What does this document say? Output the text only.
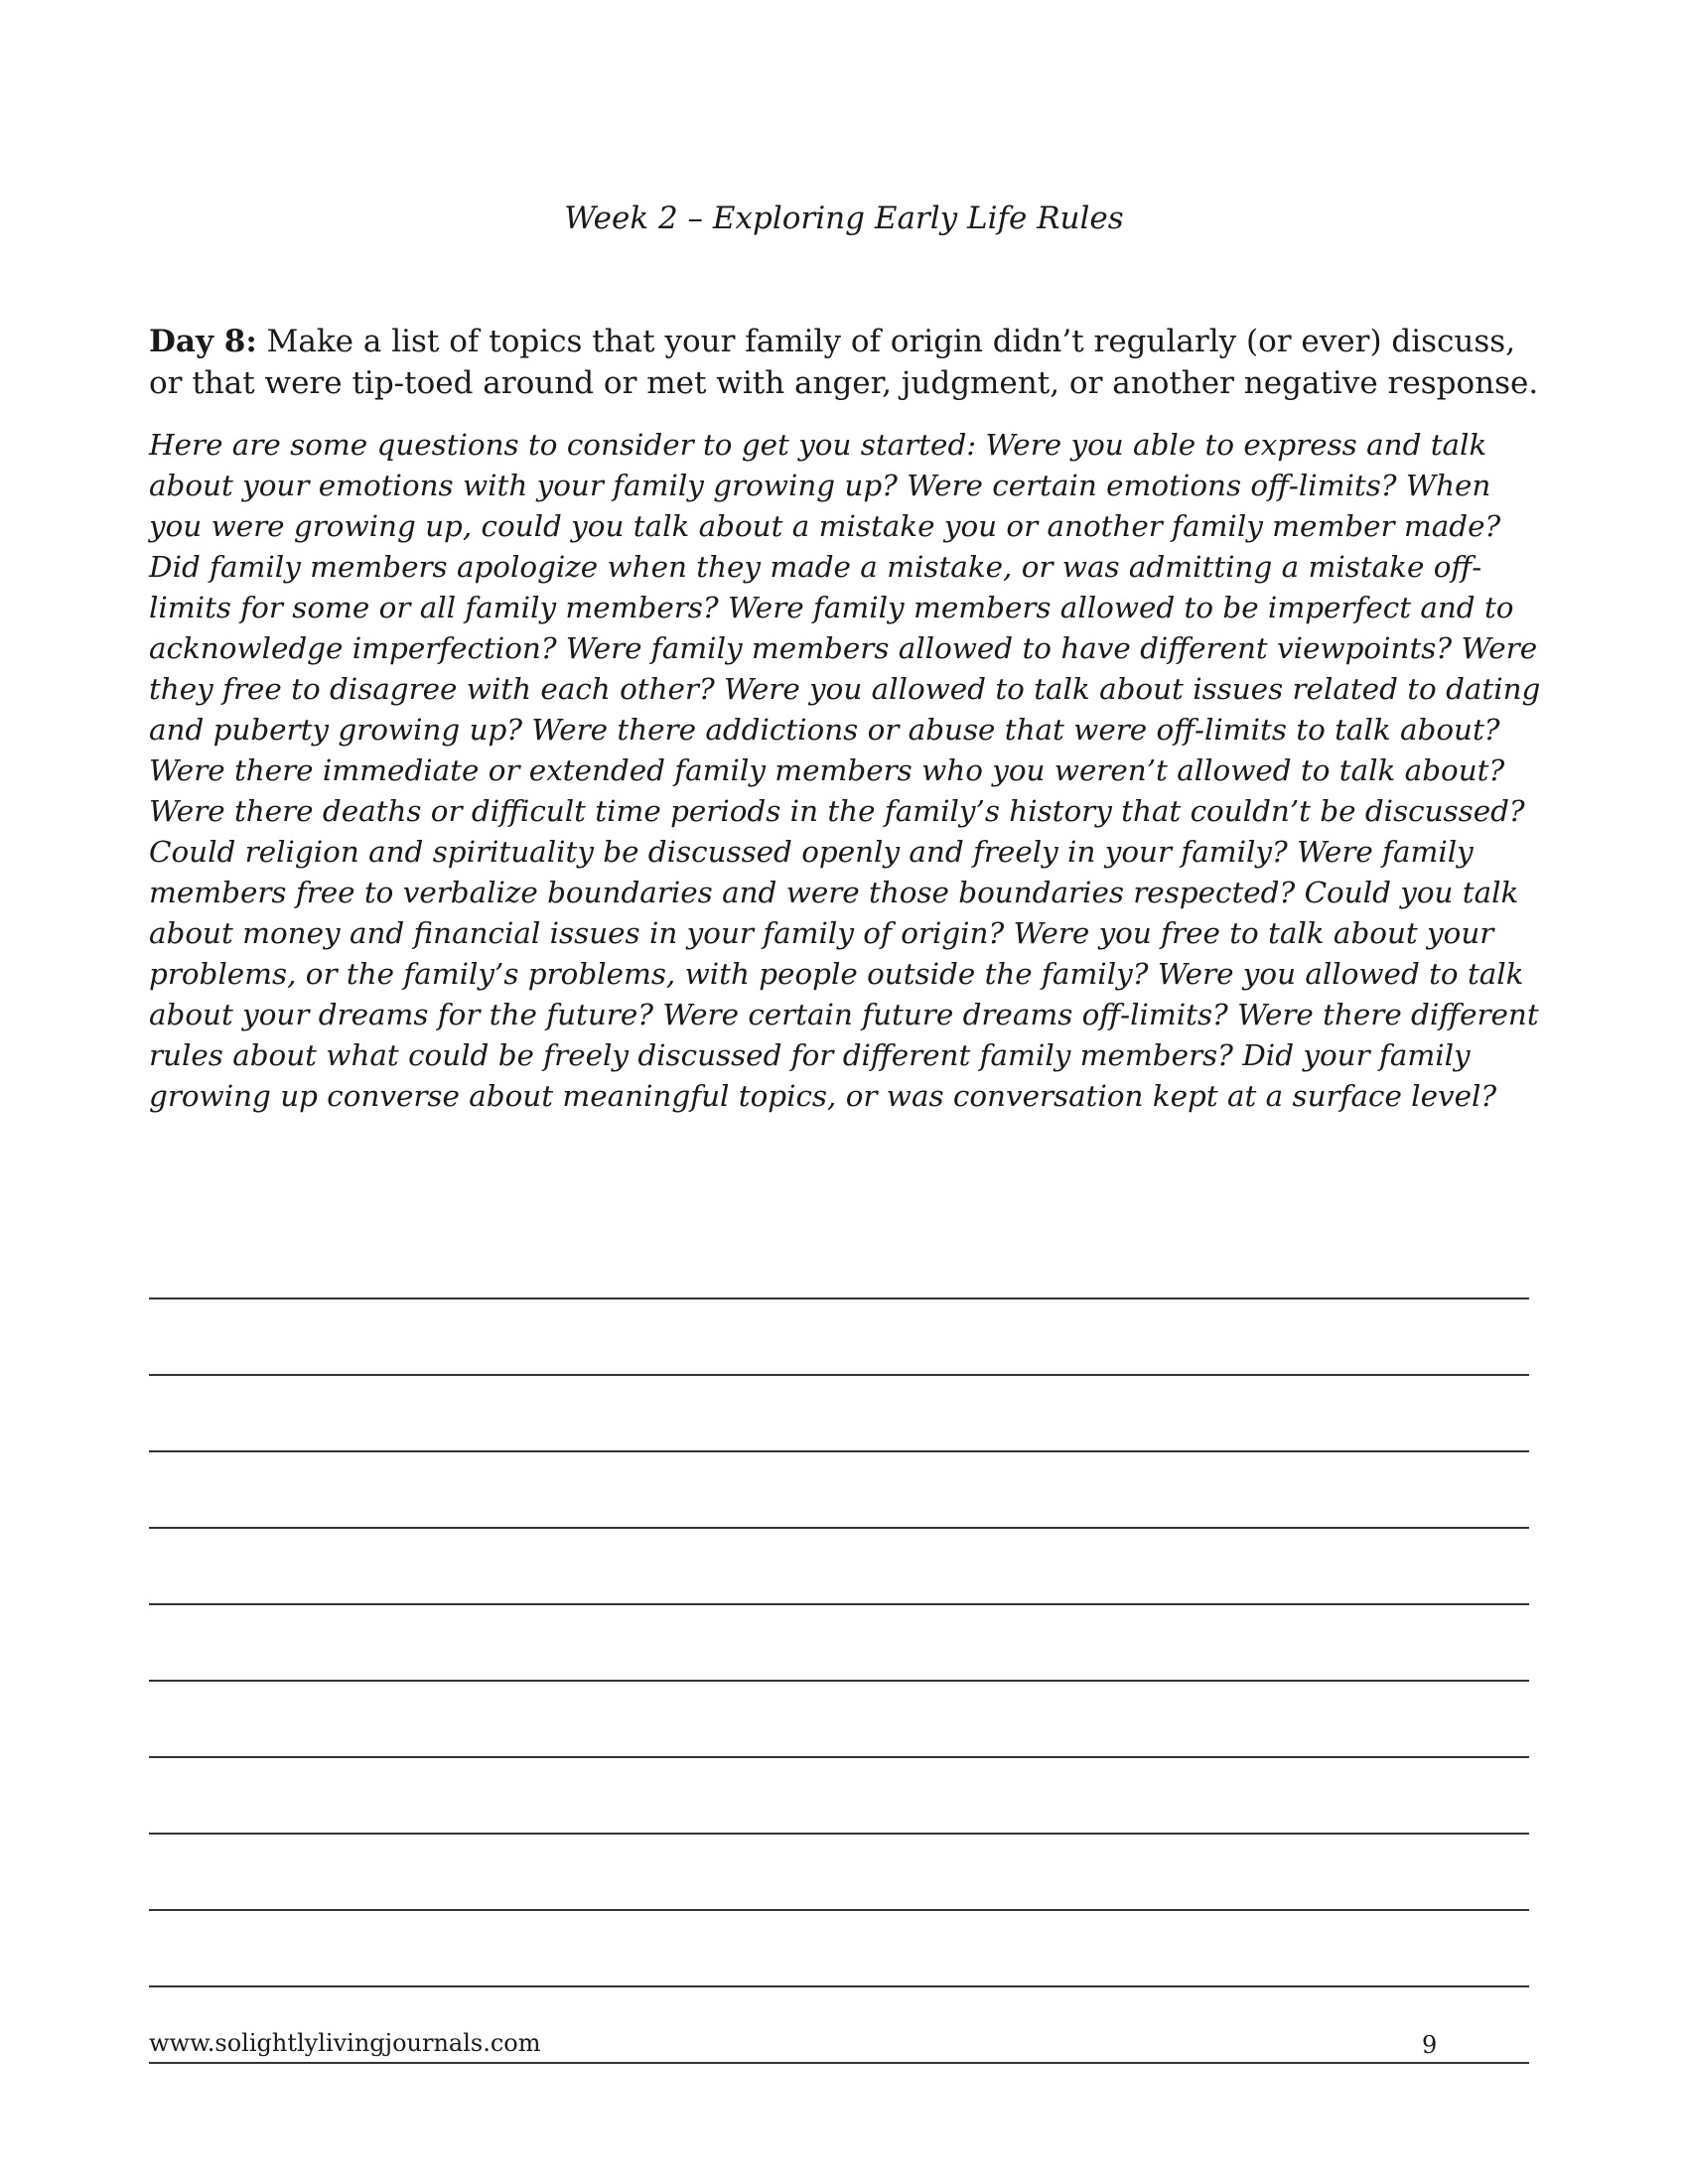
Week 2 – Exploring Early Life Rules
Day 8: Make a list of topics that your family of origin didn’t regularly (or ever) discuss, or that were tip-toed around or met with anger, judgment, or another negative response.
Here are some questions to consider to get you started: Were you able to express and talk about your emotions with your family growing up? Were certain emotions off-limits? When you were growing up, could you talk about a mistake you or another family member made? Did family members apologize when they made a mistake, or was admitting a mistake off-limits for some or all family members? Were family members allowed to be imperfect and to acknowledge imperfection? Were family members allowed to have different viewpoints? Were they free to disagree with each other? Were you allowed to talk about issues related to dating and puberty growing up? Were there addictions or abuse that were off-limits to talk about? Were there immediate or extended family members who you weren’t allowed to talk about? Were there deaths or difficult time periods in the family’s history that couldn’t be discussed? Could religion and spirituality be discussed openly and freely in your family? Were family members free to verbalize boundaries and were those boundaries respected? Could you talk about money and financial issues in your family of origin? Were you free to talk about your problems, or the family’s problems, with people outside the family? Were you allowed to talk about your dreams for the future? Were certain future dreams off-limits? Were there different rules about what could be freely discussed for different family members? Did your family growing up converse about meaningful topics, or was conversation kept at a surface level?
www.solightlylivingjournals.com	9
